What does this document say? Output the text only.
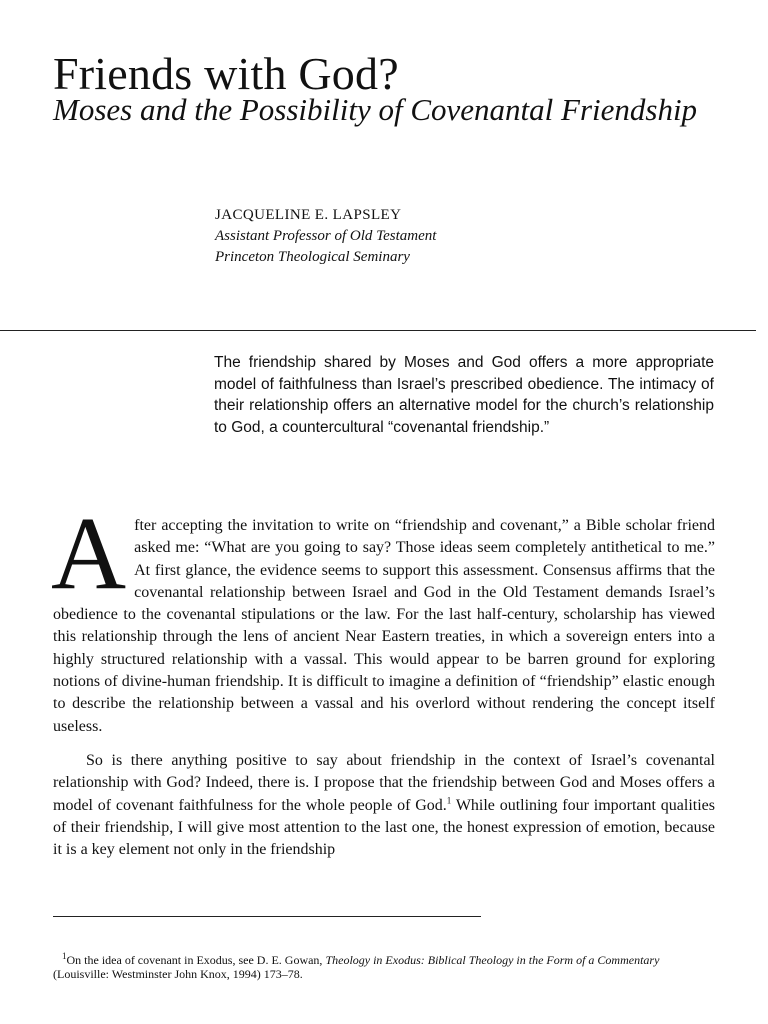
Friends with God?
Moses and the Possibility of Covenantal Friendship
JACQUELINE E. LAPSLEY
Assistant Professor of Old Testament
Princeton Theological Seminary

The friendship shared by Moses and God offers a more appropriate model of faithfulness than Israel’s prescribed obedience. The intimacy of their relationship offers an alternative model for the church’s relationship to God, a countercultural “covenantal friendship.”

After accepting the invitation to write on “friendship and covenant,” a Bible scholar friend asked me: “What are you going to say? Those ideas seem completely antithetical to me.” At first glance, the evidence seems to support this assessment. Consensus affirms that the covenantal relationship between Israel and God in the Old Testament demands Israel’s obedience to the covenantal stipulations or the law. For the last half-century, scholarship has viewed this relationship through the lens of ancient Near Eastern treaties, in which a sovereign enters into a highly structured relationship with a vassal. This would appear to be barren ground for exploring notions of divine-human friendship. It is difficult to imagine a definition of “friendship” elastic enough to describe the relationship between a vassal and his overlord without rendering the concept itself useless.

So is there anything positive to say about friendship in the context of Israel’s covenantal relationship with God? Indeed, there is. I propose that the friendship between God and Moses offers a model of covenant faithfulness for the whole people of God.$^1$ While outlining four important qualities of their friendship, I will give most attention to the last one, the honest expression of emotion, because it is a key element not only in the friendship

$^1$On the idea of covenant in Exodus, see D. E. Gowan, Theology in Exodus: Biblical Theology in the Form of a Commentary (Louisville: Westminster John Knox, 1994) 173–78.
